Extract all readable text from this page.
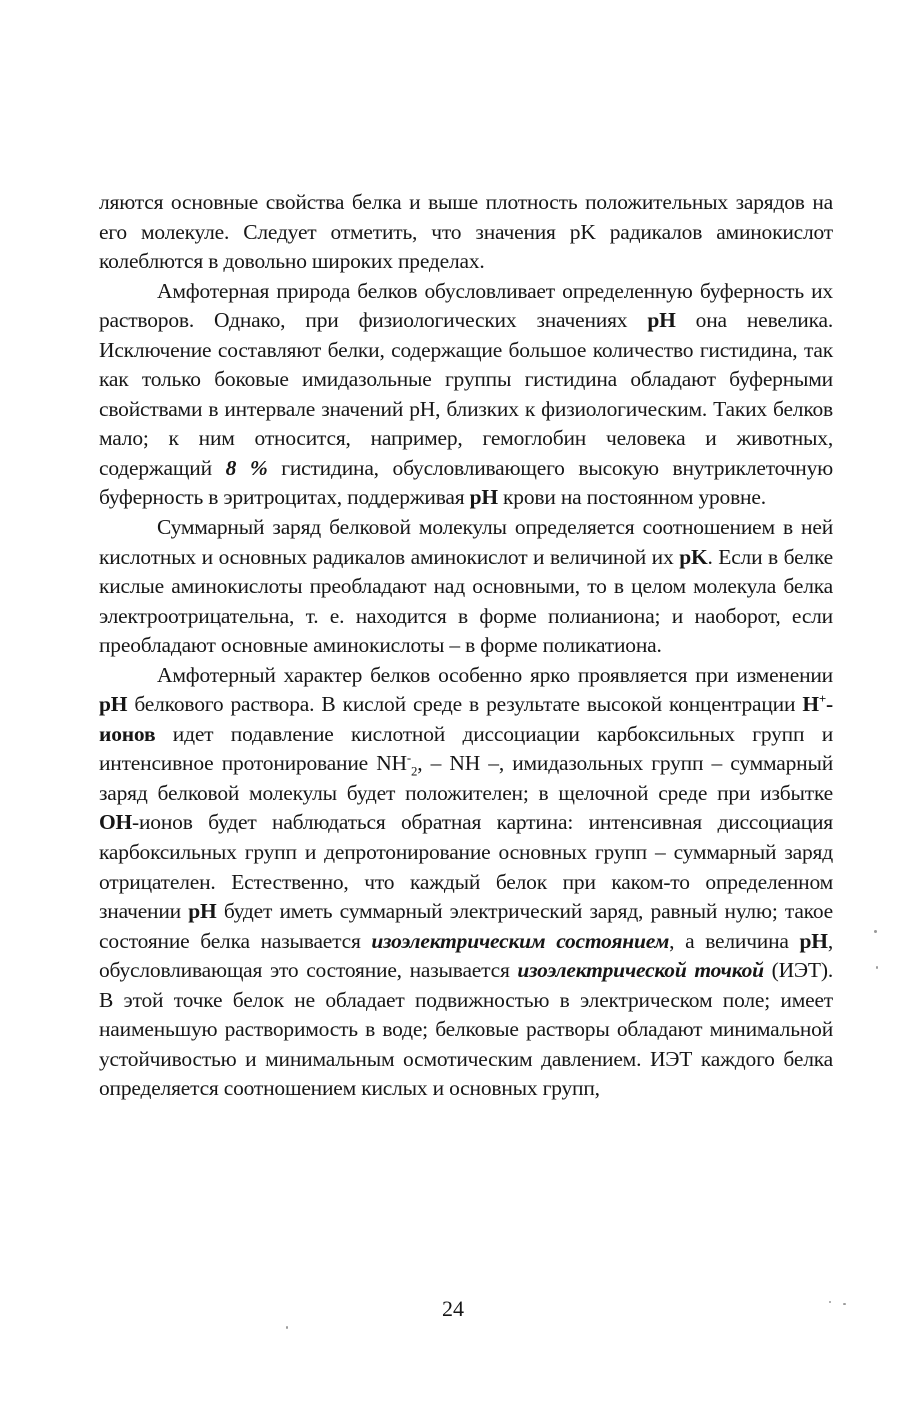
ляются основные свойства белка и выше плотность положительных зарядов на его молекуле. Следует отметить, что значения pK радикалов аминокислот колеблются в довольно широких пределах.

Амфотерная природа белков обусловливает определенную буферность их растворов. Однако, при физиологических значениях pH она невелика. Исключение составляют белки, содержащие большое количество гистидина, так как только боковые имидазольные группы гистидина обладают буферными свойствами в интервале значений pH, близких к физиологическим. Таких белков мало; к ним относится, например, гемоглобин человека и животных, содержащий 8 % гистидина, обусловливающего высокую внутриклеточную буферность в эритроцитах, поддерживая pH крови на постоянном уровне.

Суммарный заряд белковой молекулы определяется соотношением в ней кислотных и основных радикалов аминокислот и величиной их pK. Если в белке кислые аминокислоты преобладают над основными, то в целом молекула белка электроотрицательна, т. е. находится в форме полианиона; и наоборот, если преобладают основные аминокислоты – в форме поликатиона.

Амфотерный характер белков особенно ярко проявляется при изменении pH белкового раствора. В кислой среде в результате высокой концентрации H+-ионов идет подавление кислотной диссоциации карбоксильных групп и интенсивное протонирование $NH^-_2$, – NH –, имидазольных групп – суммарный заряд белковой молекулы будет положителен; в щелочной среде при избытке OH-ионов будет наблюдаться обратная картина: интенсивная диссоциация карбоксильных групп и депротонирование основных групп – суммарный заряд отрицателен. Естественно, что каждый белок при каком-то определенном значении pH будет иметь суммарный электрический заряд, равный нулю; такое состояние белка называется изоэлектрическим состоянием, а величина pH, обусловливающая это состояние, называется изоэлектрической точкой (ИЭТ). В этой точке белок не обладает подвижностью в электрическом поле; имеет наименьшую растворимость в воде; белковые растворы обладают минимальной устойчивостью и минимальным осмотическим давлением. ИЭТ каждого белка определяется соотношением кислых и основных групп,

24
